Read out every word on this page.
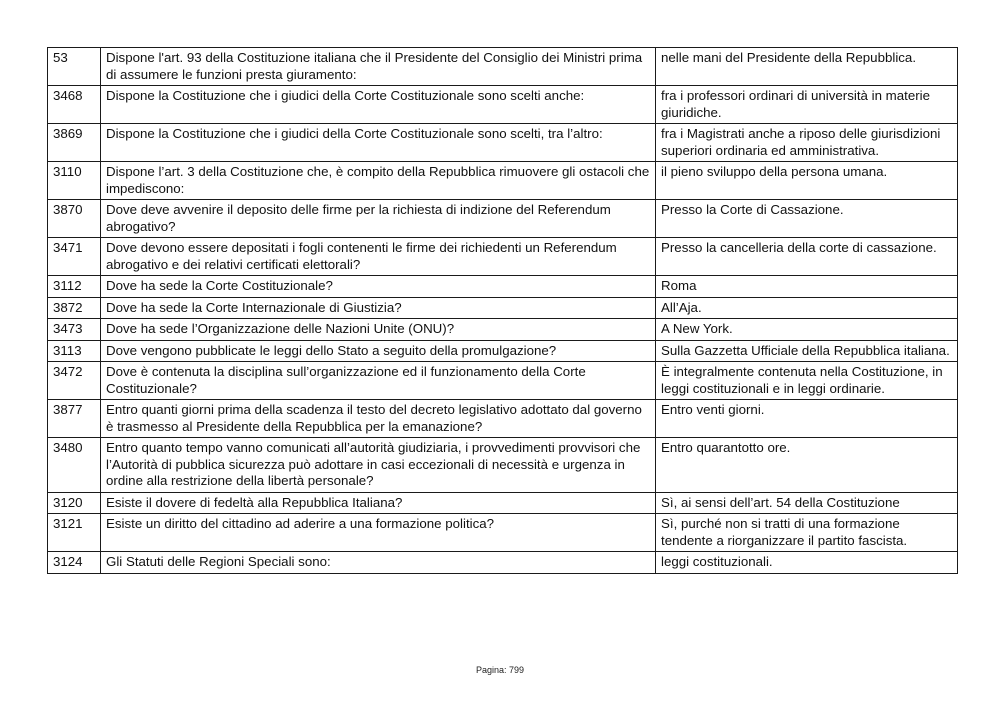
53	Dispone l'art. 93 della Costituzione italiana che il Presidente del Consiglio dei Ministri prima di assumere le funzioni presta giuramento:	nelle mani del Presidente della Repubblica.
3468	Dispone la Costituzione che i giudici della Corte Costituzionale sono scelti anche:	fra i professori ordinari di università in materie giuridiche.
3869	Dispone la Costituzione che i giudici della Corte Costituzionale sono scelti, tra l’altro:	fra i Magistrati anche a riposo delle giurisdizioni superiori ordinaria ed amministrativa.
3110	Dispone l’art. 3 della Costituzione che, è compito della Repubblica rimuovere gli ostacoli che impediscono:	il pieno sviluppo della persona umana.
3870	Dove deve avvenire il deposito delle firme per la richiesta di indizione del Referendum abrogativo?	Presso la Corte di Cassazione.
3471	Dove devono essere depositati i fogli contenenti le firme dei richiedenti un Referendum abrogativo e dei relativi certificati elettorali?	Presso la cancelleria della corte di cassazione.
3112	Dove ha sede la Corte Costituzionale?	Roma
3872	Dove ha sede la Corte Internazionale di Giustizia?	All’Aja.
3473	Dove ha sede l’Organizzazione delle Nazioni Unite (ONU)?	A New York.
3113	Dove vengono pubblicate le leggi dello Stato a seguito della promulgazione?	Sulla Gazzetta Ufficiale della Repubblica italiana.
3472	Dove è contenuta la disciplina sull’organizzazione ed il funzionamento della Corte Costituzionale?	È integralmente contenuta nella Costituzione, in leggi costituzionali e in leggi ordinarie.
3877	Entro quanti giorni prima della scadenza il testo del decreto legislativo adottato dal governo è trasmesso al Presidente della Repubblica per la emanazione?	Entro venti giorni.
3480	Entro quanto tempo vanno comunicati all’autorità giudiziaria, i provvedimenti provvisori che l’Autorità di pubblica sicurezza può adottare in casi eccezionali di necessità e urgenza in ordine alla restrizione della libertà personale?	Entro quarantotto ore.
3120	Esiste il dovere di fedeltà alla Repubblica Italiana?	Sì, ai sensi dell’art. 54 della Costituzione
3121	Esiste un diritto del cittadino ad aderire a una formazione politica?	Sì, purché non si tratti di una formazione tendente a riorganizzare il partito fascista.
3124	Gli Statuti delle Regioni Speciali sono:	leggi costituzionali.
Pagina: 799
